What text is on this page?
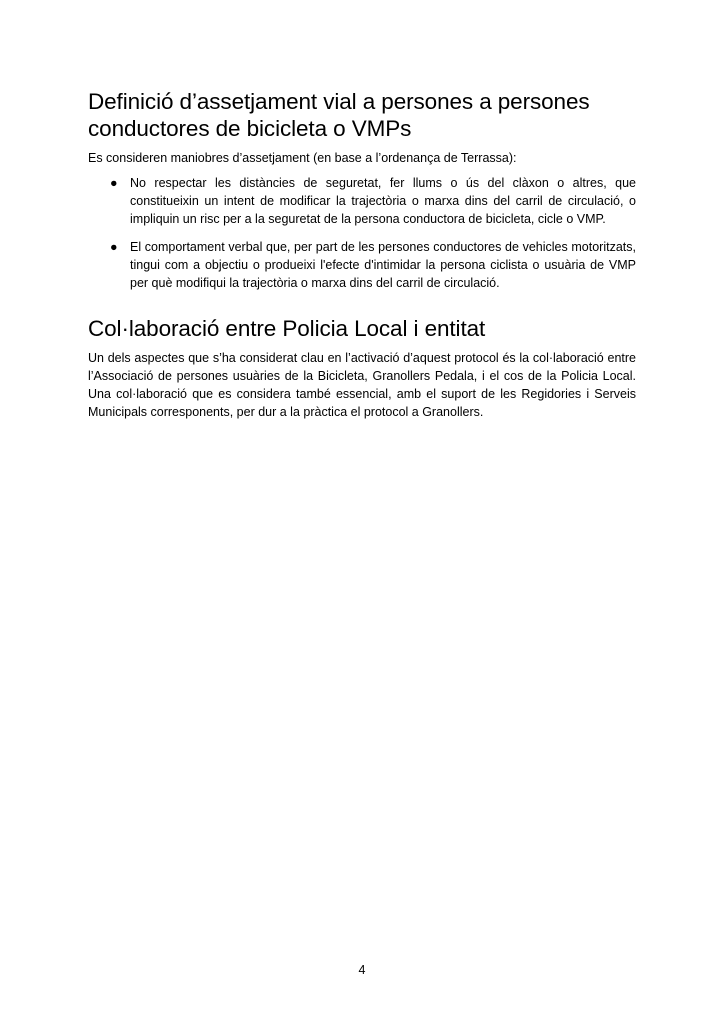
Definició d’assetjament vial a persones a persones conductores de bicicleta o VMPs

Es consideren maniobres d’assetjament (en base a l’ordenança de Terrassa):

● No respectar les distàncies de seguretat, fer llums o ús del clàxon o altres, que constitueixin un intent de modificar la trajectòria o marxa dins del carril de circulació, o impliquin un risc per a la seguretat de la persona conductora de bicicleta, cicle o VMP.
● El comportament verbal que, per part de les persones conductores de vehicles motoritzats, tingui com a objectiu o produeixi l'efecte d'intimidar la persona ciclista o usuària de VMP per què modifiqui la trajectòria o marxa dins del carril de circulació.
Col·laboració entre Policia Local i entitat

Un dels aspectes que s’ha considerat clau en l’activació d’aquest protocol és la col·laboració entre l’Associació de persones usuàries de la Bicicleta, Granollers Pedala, i el cos de la Policia Local. Una col·laboració que es considera també essencial, amb el suport de les Regidories i Serveis Municipals corresponents, per dur a la pràctica el protocol a Granollers.

4
